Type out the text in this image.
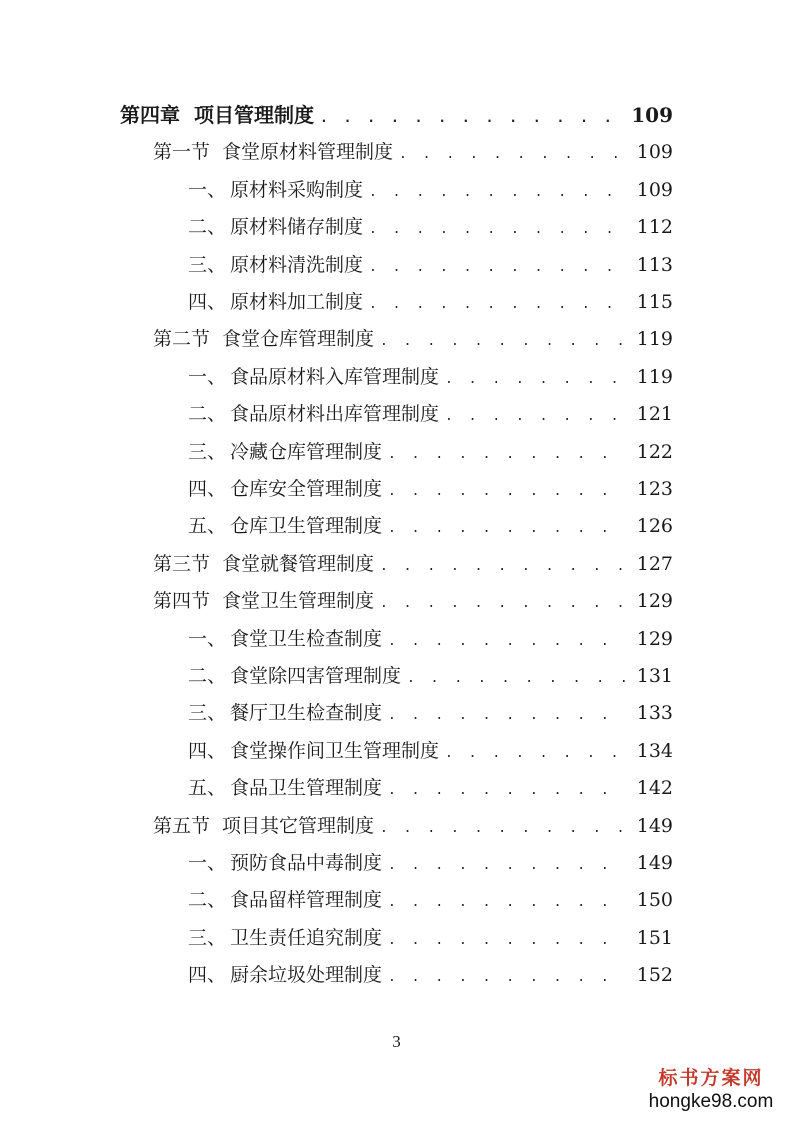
第四章 项目管理制度 . . .	109
第一节 食堂原材料管理制度 . . .	109
一、 原材料采购制度 . . .	109
二、 原材料储存制度 . . .	112
三、 原材料清洗制度 . . .	113
四、 原材料加工制度 . . .	115
第二节 食堂仓库管理制度 . . .	119
一、 食品原材料入库管理制度 . . .	119
二、 食品原材料出库管理制度 . . .	121
三、 冷藏仓库管理制度 . . .	122
四、 仓库安全管理制度 . . .	123
五、 仓库卫生管理制度 . . .	126
第三节 食堂就餐管理制度 . . .	127
第四节 食堂卫生管理制度 . . .	129
一、 食堂卫生检查制度 . . .	129
二、 食堂除四害管理制度 . . .	131
三、 餐厅卫生检查制度 . . .	133
四、 食堂操作间卫生管理制度 . . .	134
五、 食品卫生管理制度 . . .	142
第五节 项目其它管理制度 . . .	149
一、 预防食品中毒制度 . . .	149
二、 食品留样管理制度 . . .	150
三、 卫生责任追究制度 . . .	151
四、 厨余垃圾处理制度 . . .	152
3
标书方案网
hongke98.com
